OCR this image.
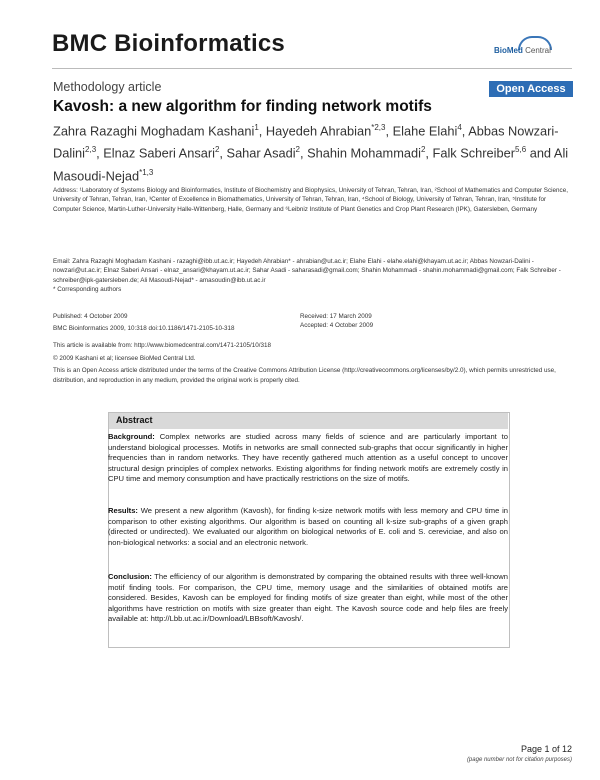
BMC Bioinformatics	BioMed Central
Methodology article	Open Access
Kavosh: a new algorithm for finding network motifs
Zahra Razaghi Moghadam Kashani$^1$, Hayedeh Ahrabian$^{*2,3}$, Elahe Elahi$^4$, Abbas Nowzari-Dalini$^{2,3}$, Elnaz Saberi Ansari$^2$, Sahar Asadi$^2$, Shahin Mohammadi$^2$, Falk Schreiber$^{5,6}$ and Ali Masoudi-Nejad$^{*1,3}$
Address: ¹Laboratory of Systems Biology and Bioinformatics, Institute of Biochemistry and Biophysics, University of Tehran, Tehran, Iran, ²School of Mathematics and Computer Science, University of Tehran, Tehran, Iran, ³Center of Excellence in Biomathematics, University of Tehran, Tehran, Iran, ⁴School of Biology, University of Tehran, Tehran, Iran, ⁵Institute for Computer Science, Martin-Luther-University Halle-Wittenberg, Halle, Germany and ⁶Leibniz Institute of Plant Genetics and Crop Plant Research (IPK), Gatersleben, Germany
Email: Zahra Razaghi Moghadam Kashani - razaghi@ibb.ut.ac.ir; Hayedeh Ahrabian* - ahrabian@ut.ac.ir; Elahe Elahi - elahe.elahi@khayam.ut.ac.ir; Abbas Nowzari-Dalini - nowzari@ut.ac.ir; Elnaz Saberi Ansari - elnaz_ansari@khayam.ut.ac.ir; Sahar Asadi - saharasadi@gmail.com; Shahin Mohammadi - shahin.mohammadi@gmail.com; Falk Schreiber - schreiber@ipk-gatersleben.de; Ali Masoudi-Nejad* - amasoudin@ibb.ut.ac.ir
* Corresponding authors
Published: 4 October 2009
BMC Bioinformatics 2009, 10:318 doi:10.1186/1471-2105-10-318
Received: 17 March 2009
Accepted: 4 October 2009
This article is available from: http://www.biomedcentral.com/1471-2105/10/318
© 2009 Kashani et al; licensee BioMed Central Ltd.
This is an Open Access article distributed under the terms of the Creative Commons Attribution License (http://creativecommons.org/licenses/by/2.0), which permits unrestricted use, distribution, and reproduction in any medium, provided the original work is properly cited.
Abstract
Background: Complex networks are studied across many fields of science and are particularly important to understand biological processes. Motifs in networks are small connected sub-graphs that occur significantly in higher frequencies than in random networks. They have recently gathered much attention as a useful concept to uncover structural design principles of complex networks. Existing algorithms for finding network motifs are extremely costly in CPU time and memory consumption and have practically restrictions on the size of motifs.
Results: We present a new algorithm (Kavosh), for finding k-size network motifs with less memory and CPU time in comparison to other existing algorithms. Our algorithm is based on counting all k-size sub-graphs of a given graph (directed or undirected). We evaluated our algorithm on biological networks of E. coli and S. cereviciae, and also on non-biological networks: a social and an electronic network.
Conclusion: The efficiency of our algorithm is demonstrated by comparing the obtained results with three well-known motif finding tools. For comparison, the CPU time, memory usage and the similarities of obtained motifs are considered. Besides, Kavosh can be employed for finding motifs of size greater than eight, while most of the other algorithms have restriction on motifs with size greater than eight. The Kavosh source code and help files are freely available at: http://Lbb.ut.ac.ir/Download/LBBsoft/Kavosh/.
Page 1 of 12
(page number not for citation purposes)
